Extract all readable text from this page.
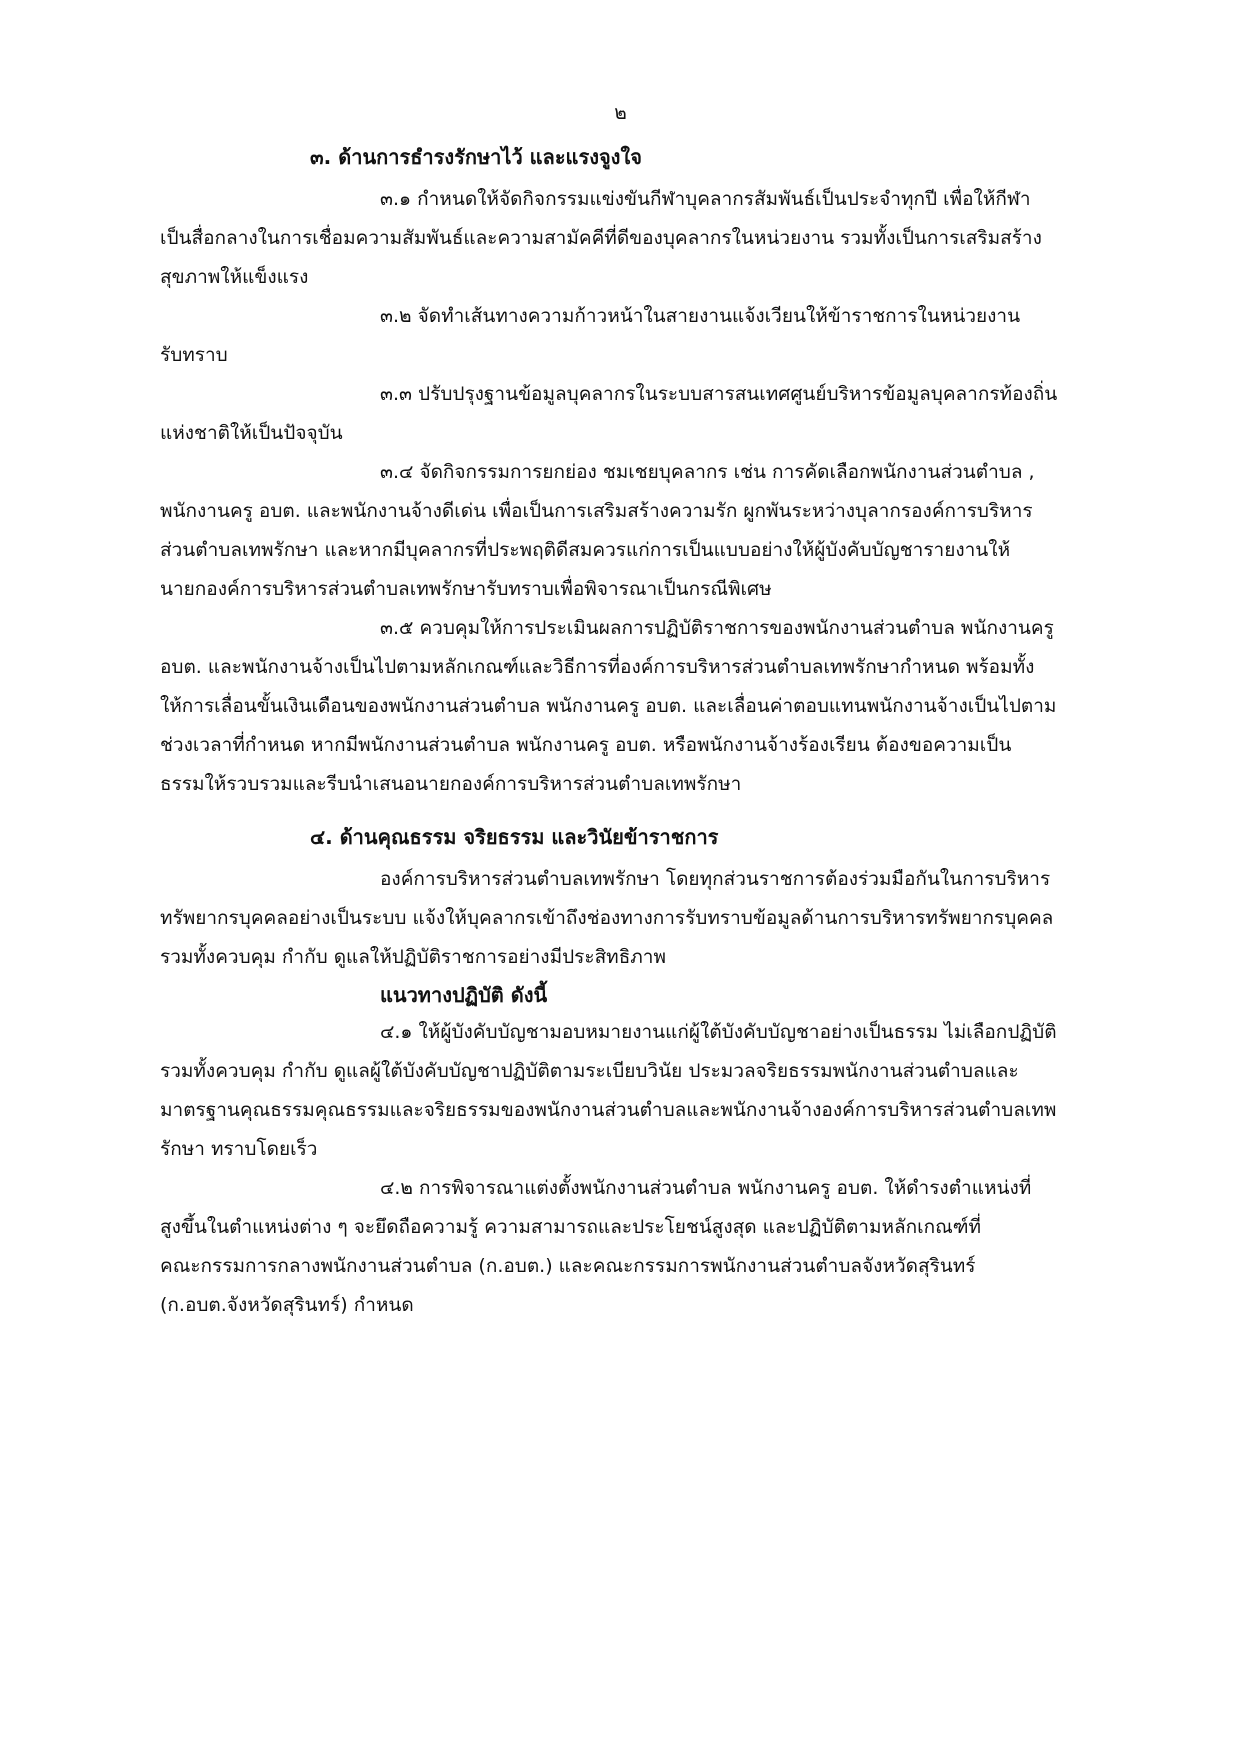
๒
๓. ด้านการธำรงรักษาไว้ และแรงจูงใจ

๓.๑ กำหนดให้จัดกิจกรรมแข่งขันกีฬาบุคลากรสัมพันธ์เป็นประจำทุกปี เพื่อให้กีฬา
เป็นสื่อกลางในการเชื่อมความสัมพันธ์และความสามัคคีที่ดีของบุคลากรในหน่วยงาน รวมทั้งเป็นการเสริมสร้าง
สุขภาพให้แข็งแรง

๓.๒ จัดทำเส้นทางความก้าวหน้าในสายงานแจ้งเวียนให้ข้าราชการในหน่วยงาน
รับทราบ

๓.๓ ปรับปรุงฐานข้อมูลบุคลากรในระบบสารสนเทศศูนย์บริหารข้อมูลบุคลากรท้องถิ่น
แห่งชาติให้เป็นปัจจุบัน

๓.๔ จัดกิจกรรมการยกย่อง ชมเชยบุคลากร เช่น การคัดเลือกพนักงานส่วนตำบล ,
พนักงานครู อบต. และพนักงานจ้างดีเด่น เพื่อเป็นการเสริมสร้างความรัก ผูกพันระหว่างบุลากรองค์การบริหาร
ส่วนตำบลเทพรักษา และหากมีบุคลากรที่ประพฤติดีสมควรแก่การเป็นแบบอย่างให้ผู้บังคับบัญชารายงานให้
นายกองค์การบริหารส่วนตำบลเทพรักษารับทราบเพื่อพิจารณาเป็นกรณีพิเศษ

๓.๕ ควบคุมให้การประเมินผลการปฏิบัติราชการของพนักงานส่วนตำบล พนักงานครู
อบต. และพนักงานจ้างเป็นไปตามหลักเกณฑ์และวิธีการที่องค์การบริหารส่วนตำบลเทพรักษากำหนด พร้อมทั้ง
ให้การเลื่อนขั้นเงินเดือนของพนักงานส่วนตำบล พนักงานครู อบต. และเลื่อนค่าตอบแทนพนักงานจ้างเป็นไปตาม
ช่วงเวลาที่กำหนด หากมีพนักงานส่วนตำบล พนักงานครู อบต. หรือพนักงานจ้างร้องเรียน ต้องขอความเป็น
ธรรมให้รวบรวมและรีบนำเสนอนายกองค์การบริหารส่วนตำบลเทพรักษา

๔. ด้านคุณธรรม จริยธรรม และวินัยข้าราชการ

องค์การบริหารส่วนตำบลเทพรักษา โดยทุกส่วนราชการต้องร่วมมือกันในการบริหาร
ทรัพยากรบุคคลอย่างเป็นระบบ แจ้งให้บุคลากรเข้าถึงช่องทางการรับทราบข้อมูลด้านการบริหารทรัพยากรบุคคล
รวมทั้งควบคุม กำกับ ดูแลให้ปฏิบัติราชการอย่างมีประสิทธิภาพ

แนวทางปฏิบัติ ดังนี้

๔.๑ ให้ผู้บังคับบัญชามอบหมายงานแก่ผู้ใต้บังคับบัญชาอย่างเป็นธรรม ไม่เลือกปฏิบัติ
รวมทั้งควบคุม กำกับ ดูแลผู้ใต้บังคับบัญชาปฏิบัติตามระเบียบวินัย ประมวลจริยธรรมพนักงานส่วนตำบลและ
มาตรฐานคุณธรรมคุณธรรมและจริยธรรมของพนักงานส่วนตำบลและพนักงานจ้างองค์การบริหารส่วนตำบลเทพ
รักษา ทราบโดยเร็ว

๔.๒ การพิจารณาแต่งตั้งพนักงานส่วนตำบล พนักงานครู อบต. ให้ดำรงตำแหน่งที่
สูงขึ้นในตำแหน่งต่าง ๆ จะยึดถือความรู้ ความสามารถและประโยชน์สูงสุด และปฏิบัติตามหลักเกณฑ์ที่
คณะกรรมการกลางพนักงานส่วนตำบล (ก.อบต.) และคณะกรรมการพนักงานส่วนตำบลจังหวัดสุรินทร์
(ก.อบต.จังหวัดสุรินทร์) กำหนด
